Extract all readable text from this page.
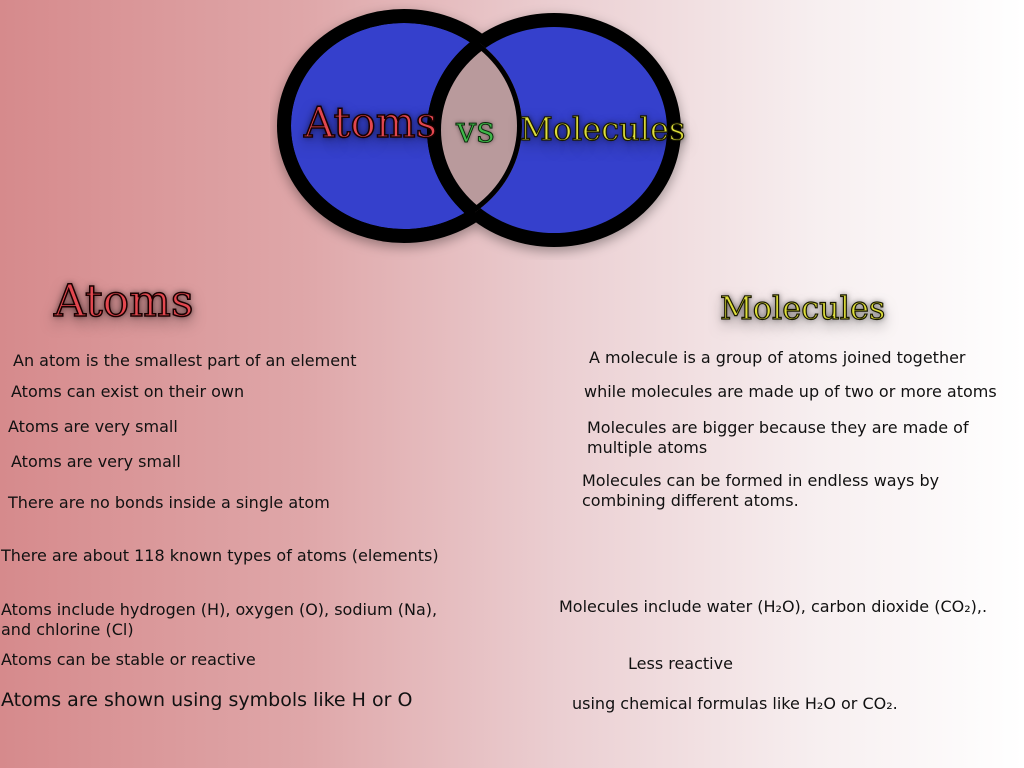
Atoms vs Molecules
Atoms	Molecules
An atom is the smallest part of an element
Atoms can exist on their own
Atoms are very small
Atoms are very small
There are no bonds inside a single atom
There are about 118 known types of atoms (elements)
Atoms include hydrogen (H), oxygen (O), sodium (Na), and chlorine (Cl)
Atoms can be stable or reactive
Atoms are shown using symbols like H or O
A molecule is a group of atoms joined together
while molecules are made up of two or more atoms
Molecules are bigger because they are made of multiple atoms
Molecules can be formed in endless ways by combining different atoms.
Molecules include water (H₂O), carbon dioxide (CO₂),.
Less reactive
using chemical formulas like H₂O or CO₂.
